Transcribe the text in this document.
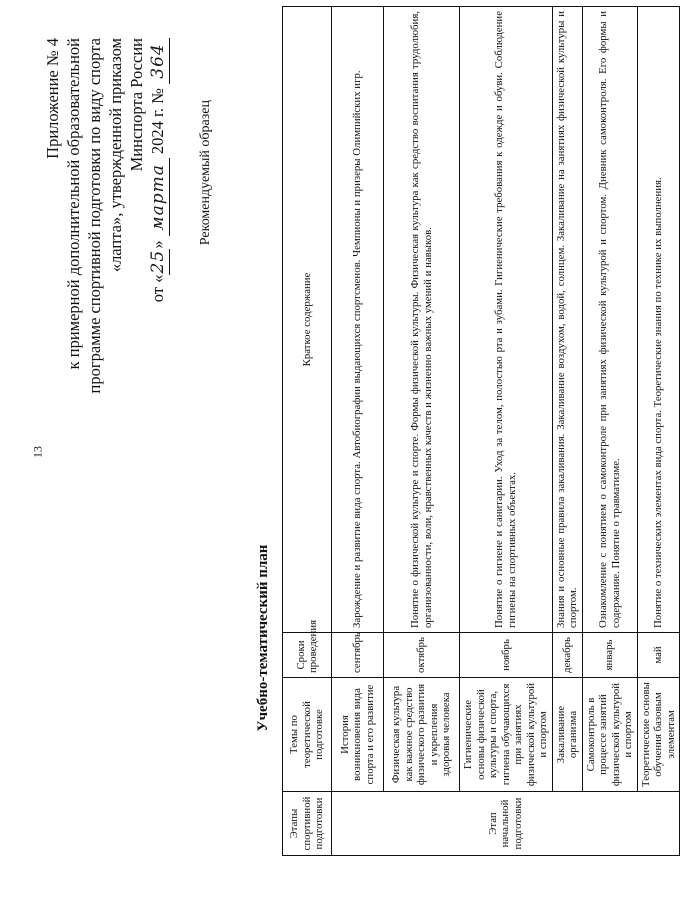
13
Приложение № 4 к примерной дополнительной образовательной программе спортивной подготовки по виду спорта «лапта», утвержденной приказом Минспорта России
от «25» марта 2024 г. № 364
Рекомендуемый образец
Учебно-тематический план
Этапы спортивной подготовки	Темы по теоретической подготовке	Сроки проведения	Краткое содержание
Этап начальной подготовки	История возникновения вида спорта и его развитие	сентябрь	Зарождение и развитие вида спорта. Автобиографии выдающихся спортсменов. Чемпионы и призеры Олимпийских игр.
	Физическая культура как важное средство физического развития и укрепления здоровья человека	октябрь	Понятие о физической культуре и спорте. Формы физической культуры. Физическая культура как средство воспитания трудолюбия, организованности, воли, нравственных качеств и жизненно важных умений и навыков.
	Гигиенические основы физической культуры и спорта, гигиена обучающихся при занятиях физической культурой и спортом	ноябрь	Понятие о гигиене и санитарии. Уход за телом, полостью рта и зубами. Гигиенические требования к одежде и обуви. Соблюдение гигиены на спортивных объектах.
	Закаливание организма	декабрь	Знания и основные правила закаливания. Закаливание воздухом, водой, солнцем. Закаливание на занятиях физической культуры и спортом.
	Самоконтроль в процессе занятий физической культурой и спортом	январь	Ознакомление с понятием о самоконтроле при занятиях физической культурой и спортом. Дневник самоконтроля. Его формы и содержание. Понятие о травматизме.
	Теоретические основы обучения базовым элементам	май	Понятие о технических элементах вида спорта. Теоретические знания по технике их выполнения.
